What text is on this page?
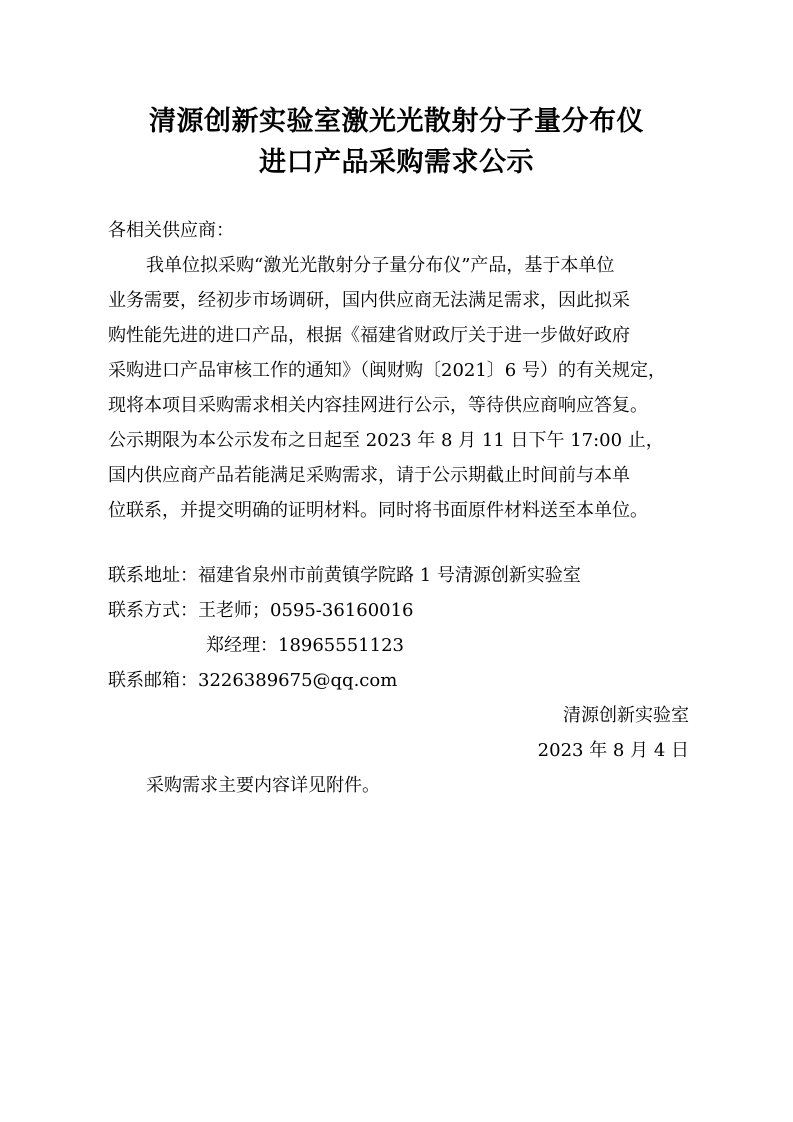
清源创新实验室激光光散射分子量分布仪
进口产品采购需求公示
各相关供应商：
我单位拟采购“激光光散射分子量分布仪”产品，基于本单位
业务需要，经初步市场调研，国内供应商无法满足需求，因此拟采
购性能先进的进口产品，根据《福建省财政厅关于进一步做好政府
采购进口产品审核工作的通知》（闽财购〔2021〕6 号）的有关规定，
现将本项目采购需求相关内容挂网进行公示，等待供应商响应答复。
公示期限为本公示发布之日起至 2023 年 8 月 11 日下午 17:00 止，
国内供应商产品若能满足采购需求，请于公示期截止时间前与本单
位联系，并提交明确的证明材料。同时将书面原件材料送至本单位。
联系地址：福建省泉州市前黄镇学院路 1 号清源创新实验室
联系方式：王老师；0595-36160016
郑经理：18965551123
联系邮箱：3226389675@qq.com
清源创新实验室
2023 年 8 月 4 日
采购需求主要内容详见附件。
